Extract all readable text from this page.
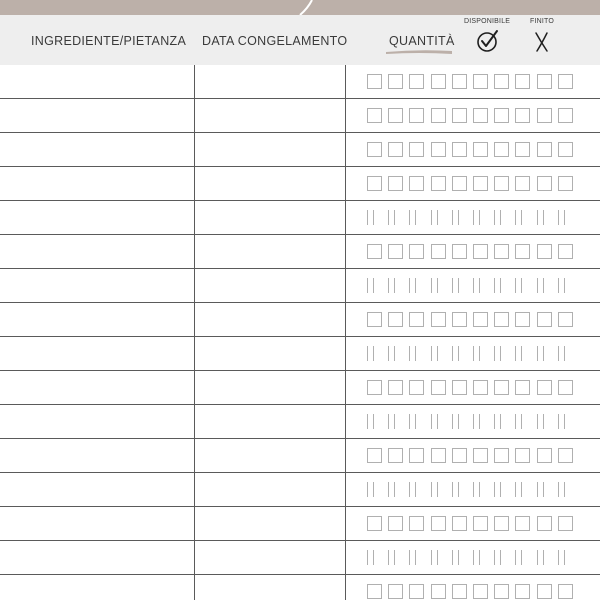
INGREDIENTE/PIETANZA DATA CONGELAMENTO	QUANTITÀ
DISPONIBILE	FINITO
